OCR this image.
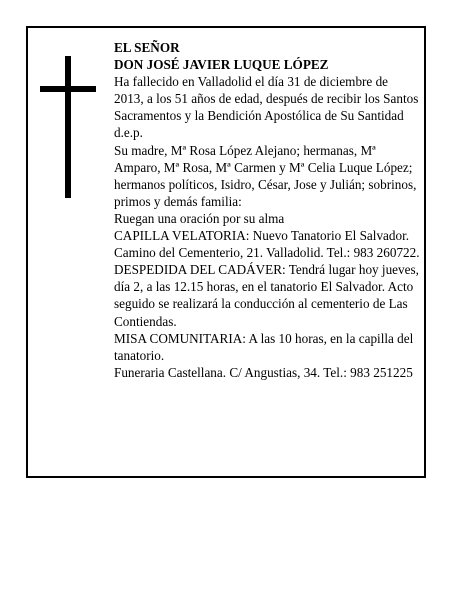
EL SEÑOR

DON JOSÉ JAVIER LUQUE LÓPEZ

Ha fallecido en Valladolid el día 31 de diciembre de 2013, a los 51 años de edad, después de recibir los Santos Sacramentos y la Bendición Apostólica de Su Santidad

d.e.p.

Su madre, Mª Rosa López Alejano; hermanas, Mª Amparo, Mª Rosa, Mª Carmen y Mª Celia Luque López; hermanos políticos, Isidro, César, Jose y Julián; sobrinos, primos y demás familia:

Ruegan una oración por su alma

CAPILLA VELATORIA: Nuevo Tanatorio El Salvador. Camino del Cementerio, 21. Valladolid. Tel.: 983 260722.

DESPEDIDA DEL CADÁVER: Tendrá lugar hoy jueves, día 2, a las 12.15 horas, en el tanatorio El Salvador. Acto seguido se realizará la conducción al cementerio de Las Contiendas.

MISA COMUNITARIA: A las 10 horas, en la capilla del tanatorio.

Funeraria Castellana. C/ Angustias, 34. Tel.: 983 251225
